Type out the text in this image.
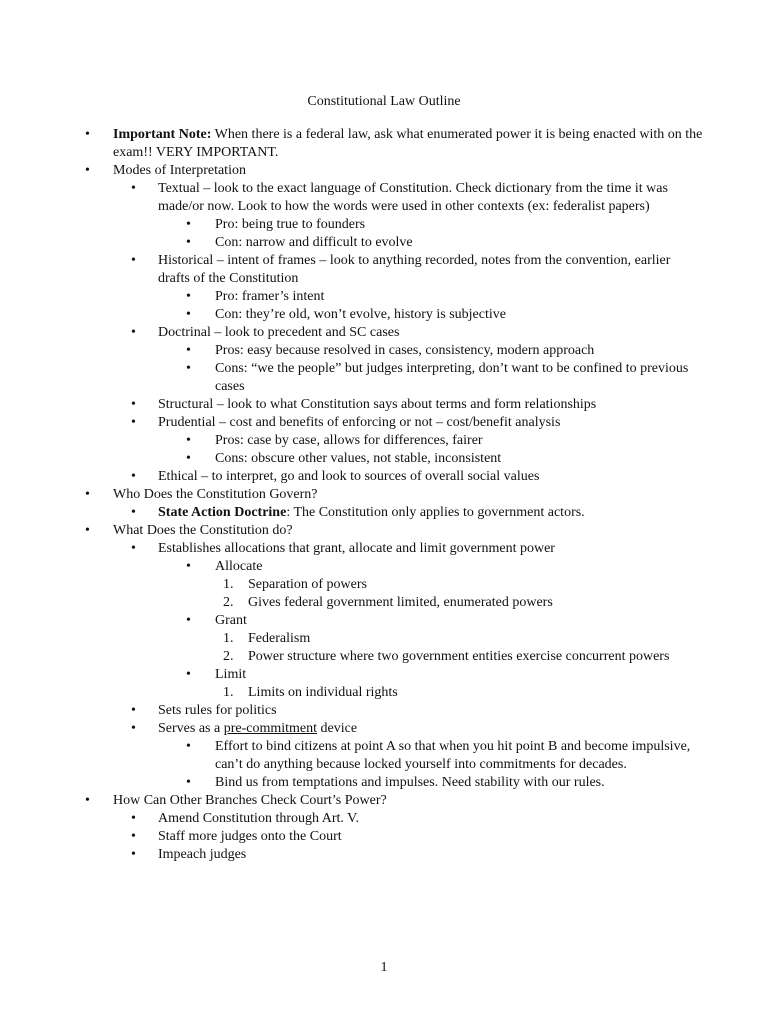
Constitutional Law Outline
•	Important Note: When there is a federal law, ask what enumerated power it is being enacted with on the exam!! VERY IMPORTANT.
•	Modes of Interpretation
•	Textual – look to the exact language of Constitution. Check dictionary from the time it was made/or now. Look to how the words were used in other contexts (ex: federalist papers)
•	Pro: being true to founders
•	Con: narrow and difficult to evolve
•	Historical – intent of frames – look to anything recorded, notes from the convention, earlier drafts of the Constitution
•	Pro: framer’s intent
•	Con: they’re old, won’t evolve, history is subjective
•	Doctrinal – look to precedent and SC cases
•	Pros: easy because resolved in cases, consistency, modern approach
•	Cons: “we the people” but judges interpreting, don’t want to be confined to previous cases
•	Structural – look to what Constitution says about terms and form relationships
•	Prudential – cost and benefits of enforcing or not – cost/benefit analysis
•	Pros: case by case, allows for differences, fairer
•	Cons: obscure other values, not stable, inconsistent
•	Ethical – to interpret, go and look to sources of overall social values
•	Who Does the Constitution Govern?
•	State Action Doctrine: The Constitution only applies to government actors.
•	What Does the Constitution do?
•	Establishes allocations that grant, allocate and limit government power
•	Allocate
1. Separation of powers
2. Gives federal government limited, enumerated powers
•	Grant
1. Federalism
2. Power structure where two government entities exercise concurrent powers
•	Limit
1. Limits on individual rights
•	Sets rules for politics
•	Serves as a pre-commitment device
•	Effort to bind citizens at point A so that when you hit point B and become impulsive, can’t do anything because locked yourself into commitments for decades.
•	Bind us from temptations and impulses. Need stability with our rules.
•	How Can Other Branches Check Court’s Power?
•	Amend Constitution through Art. V.
•	Staff more judges onto the Court
•	Impeach judges
1
